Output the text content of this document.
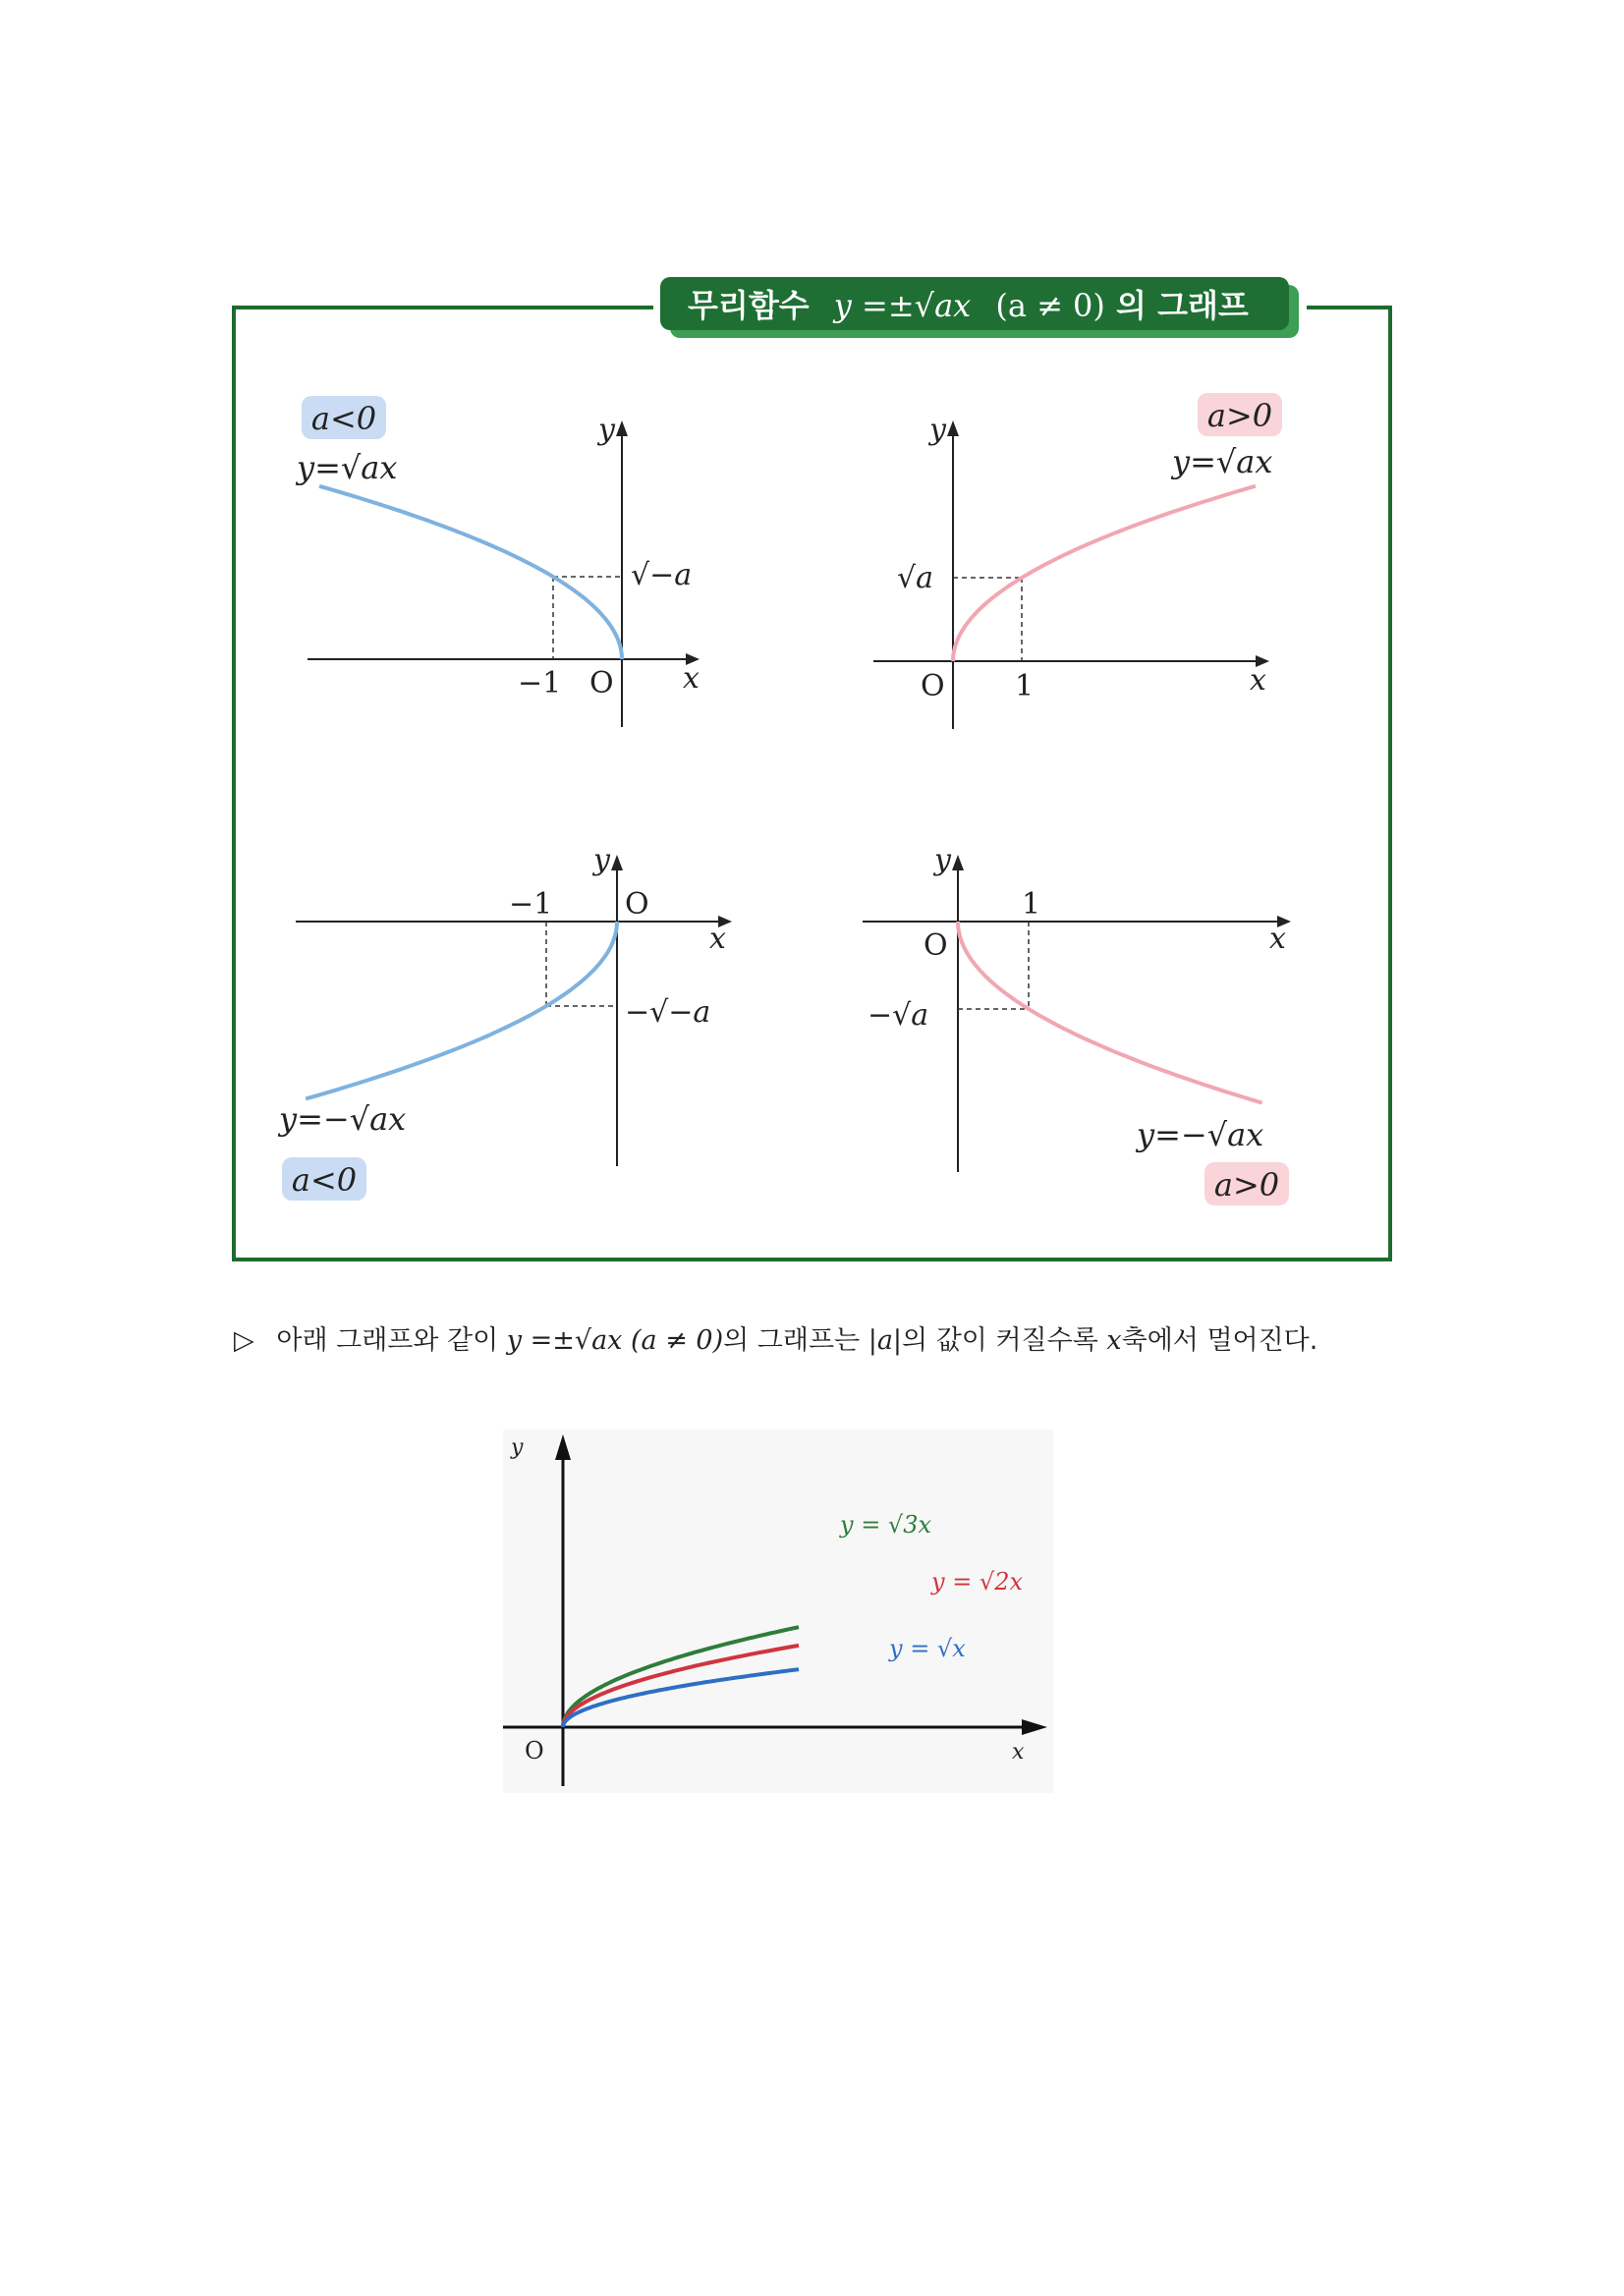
무리함수 y =±√ax (a ≠ 0) 의 그래프
a<0
y=√ax
y
x
O
−1
√−a
a>0
y=√ax
y
x
O 1
√a
y
x
O
−1
−√−a
y=−√ax
a<0
y
x
O
1
−√a
y=−√ax
a>0
▷ 아래 그래프와 같이 y =±√ax (a ≠ 0)의 그래프는 |a|의 값이 커질수록 x축에서 멀어진다.
y
x
O
y = √3x
y = √2x
y = √x
